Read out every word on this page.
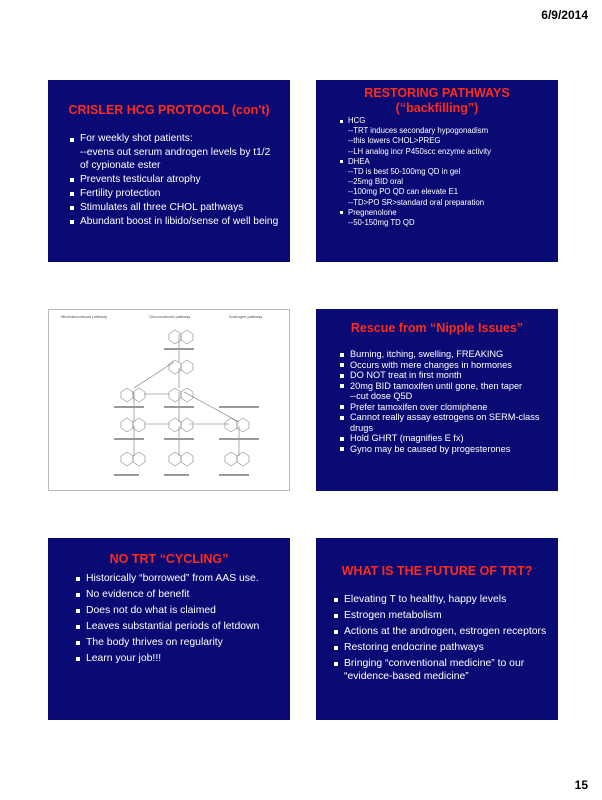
6/9/2014
CRISLER HCG PROTOCOL (con't)
For weekly shot patients:
--evens out serum androgen levels by t1/2 of cypionate ester
Prevents testicular atrophy
Fertility protection
Stimulates all three CHOL pathways
Abundant boost in libido/sense of well being
RESTORING PATHWAYS (“backfilling”)
HCG
--TRT induces secondary hypogonadism
--this lowers CHOL>PREG
--LH analog incr P450scc enzyme activity
DHEA
--TD is best 50-100mg QD in gel
--25mg BID oral
--100mg PO QD can elevate E1
--TD>PO SR>standard oral preparation
Pregnenolone
--50-150mg TD QD
Mineralocorticoid pathway	Glucocorticoid pathway	Androgen pathway
Rescue from “Nipple Issues”
Burning, itching, swelling, FREAKING
Occurs with mere changes in hormones
DO NOT treat in first month
20mg BID tamoxifen until gone, then taper
--cut dose Q5D
Prefer tamoxifen over clomiphene
Cannot really assay estrogens on SERM-class drugs
Hold GHRT (magnifies E fx)
Gyno may be caused by progesterones
NO TRT “CYCLING”
Historically “borrowed” from AAS use.
No evidence of benefit
Does not do what is claimed
Leaves substantial periods of letdown
The body thrives on regularity
Learn your job!!!
WHAT IS THE FUTURE OF TRT?
Elevating T to healthy, happy levels
Estrogen metabolism
Actions at the androgen, estrogen receptors
Restoring endocrine pathways
Bringing “conventional medicine” to our “evidence-based medicine”
15
